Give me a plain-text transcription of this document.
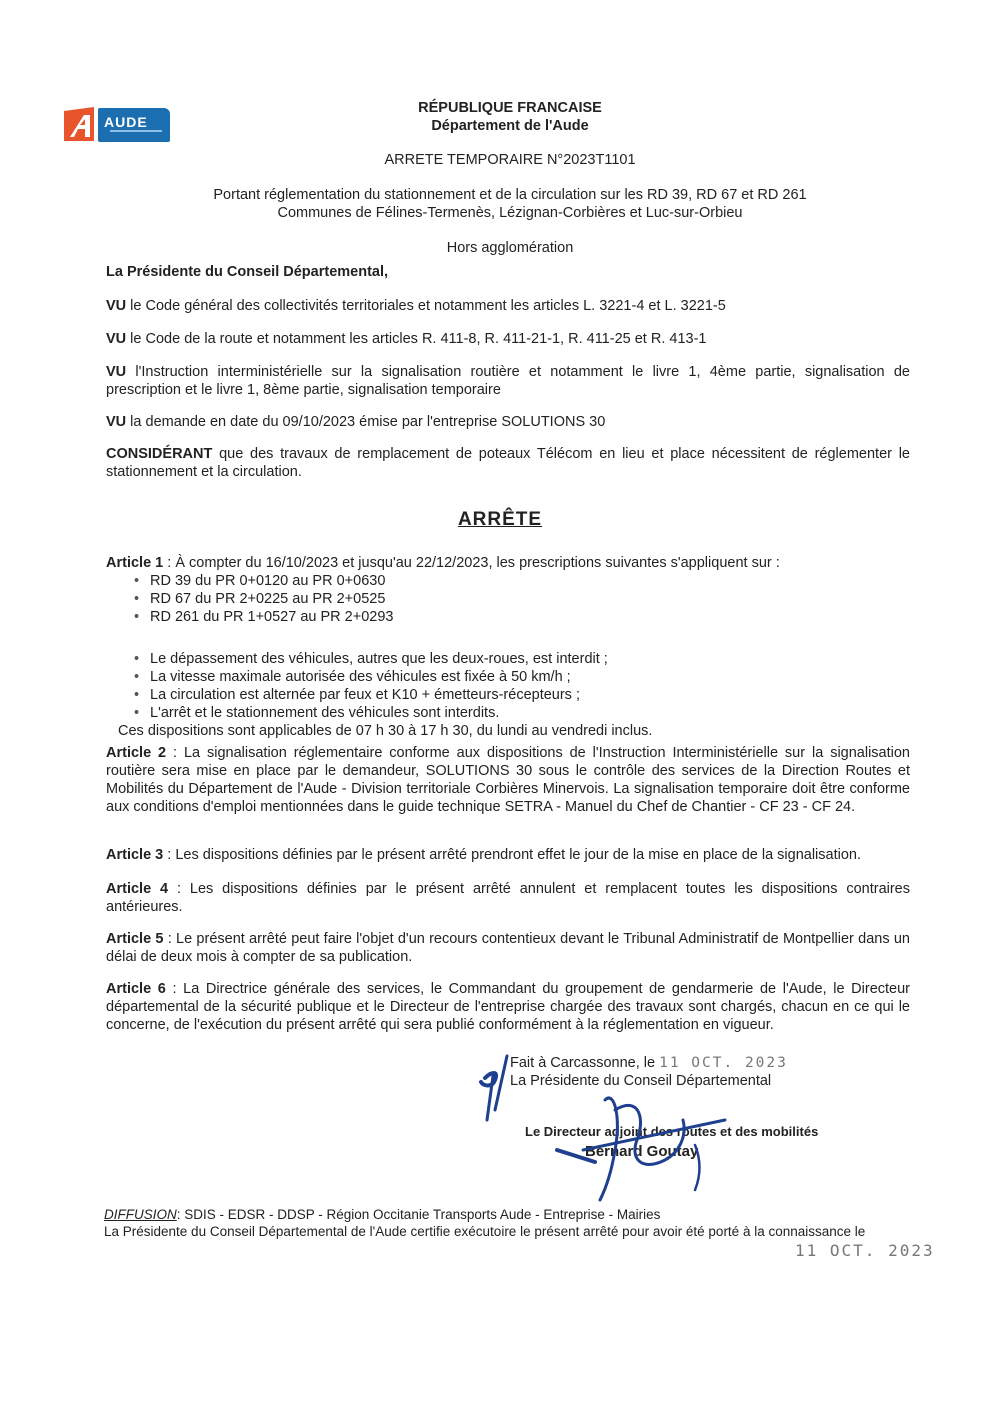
AUDE
RÉPUBLIQUE FRANCAISE
Département de l'Aude
ARRETE TEMPORAIRE N°2023T1101
Portant réglementation du stationnement et de la circulation sur les RD 39, RD 67 et RD 261
Communes de Félines-Termenès, Lézignan-Corbières et Luc-sur-Orbieu
Hors agglomération
La Présidente du Conseil Départemental,
VU le Code général des collectivités territoriales et notamment les articles L. 3221-4 et L. 3221-5
VU le Code de la route et notamment les articles R. 411-8, R. 411-21-1, R. 411-25 et R. 413-1
VU l'Instruction interministérielle sur la signalisation routière et notamment le livre 1, 4ème partie, signalisation de prescription et le livre 1, 8ème partie, signalisation temporaire
VU la demande en date du 09/10/2023 émise par l'entreprise SOLUTIONS 30
CONSIDÉRANT que des travaux de remplacement de poteaux Télécom en lieu et place nécessitent de réglementer le stationnement et la circulation.
ARRÊTE

Article 1 : À compter du 16/10/2023 et jusqu'au 22/12/2023, les prescriptions suivantes s'appliquent sur :

• RD 39 du PR 0+0120 au PR 0+0630
• RD 67 du PR 2+0225 au PR 2+0525
• RD 261 du PR 1+0527 au PR 2+0293
• Le dépassement des véhicules, autres que les deux-roues, est interdit ;
• La vitesse maximale autorisée des véhicules est fixée à 50 km/h ;
• La circulation est alternée par feux et K10 + émetteurs-récepteurs ;
• L'arrêt et le stationnement des véhicules sont interdits.

Ces dispositions sont applicables de 07 h 30 à 17 h 30, du lundi au vendredi inclus.

Article 2 : La signalisation réglementaire conforme aux dispositions de l'Instruction Interministérielle sur la signalisation routière sera mise en place par le demandeur, SOLUTIONS 30 sous le contrôle des services de la Direction Routes et Mobilités du Département de l'Aude - Division territoriale Corbières Minervois. La signalisation temporaire doit être conforme aux conditions d'emploi mentionnées dans le guide technique SETRA - Manuel du Chef de Chantier - CF 23 - CF 24.
Article 3 : Les dispositions définies par le présent arrêté prendront effet le jour de la mise en place de la signalisation.
Article 4 : Les dispositions définies par le présent arrêté annulent et remplacent toutes les dispositions contraires antérieures.
Article 5 : Le présent arrêté peut faire l'objet d'un recours contentieux devant le Tribunal Administratif de Montpellier dans un délai de deux mois à compter de sa publication.
Article 6 : La Directrice générale des services, le Commandant du groupement de gendarmerie de l'Aude, le Directeur départemental de la sécurité publique et le Directeur de l'entreprise chargée des travaux sont chargés, chacun en ce qui le concerne, de l'exécution du présent arrêté qui sera publié conformément à la réglementation en vigueur.
Fait à Carcassonne, le 11 OCT. 2023
La Présidente du Conseil Départemental
Le Directeur adjoint des routes et des mobilités
Bernard Goutay
DIFFUSION: SDIS - EDSR - DDSP - Région Occitanie Transports Aude - Entreprise - Mairies
La Présidente du Conseil Départemental de l'Aude certifie exécutoire le présent arrêté pour avoir été porté à la connaissance le
11 OCT. 2023
